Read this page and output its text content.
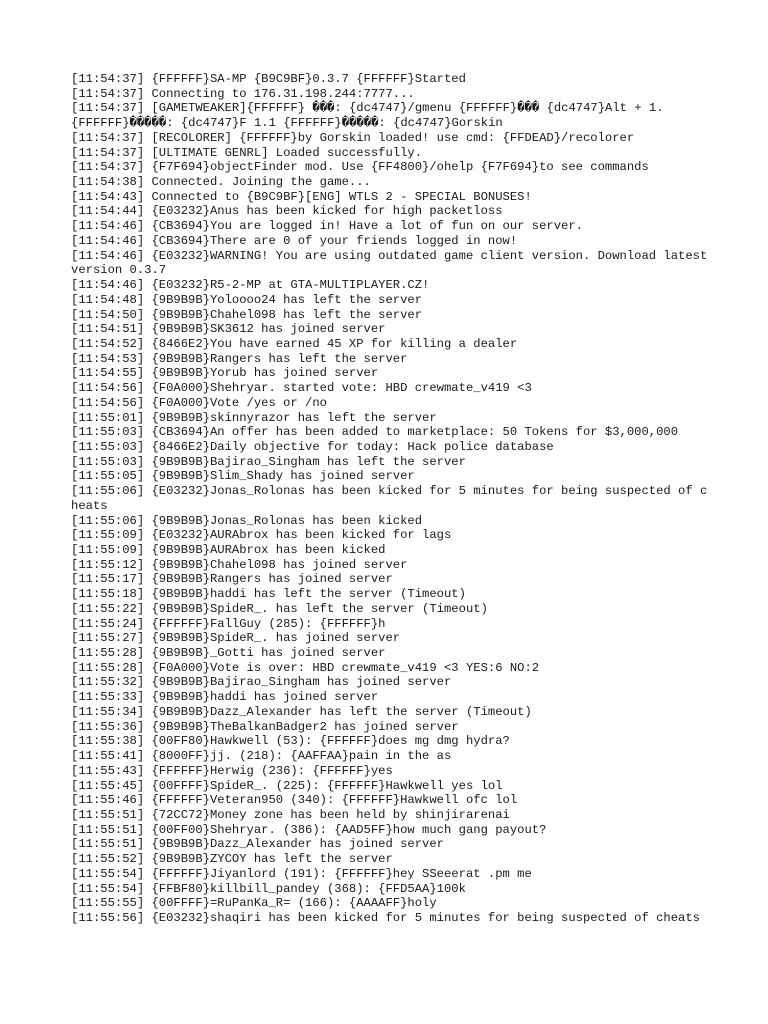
[11:54:37] {FFFFFF}SA-MP {B9C9BF}0.3.7 {FFFFFF}Started
[11:54:37] Connecting to 176.31.198.244:7777...
[11:54:37] [GAMETWEAKER]{FFFFFF} ���: {dc4747}/gmenu {FFFFFF}��� {dc4747}Alt + 1.
{FFFFFF}�����: {dc4747}F 1.1 {FFFFFF}�����: {dc4747}Gorskin
[11:54:37] [RECOLORER] {FFFFFF}by Gorskin loaded! use cmd: {FFDEAD}/recolorer
[11:54:37] [ULTIMATE GENRL] Loaded successfully.
[11:54:37] {F7F694}objectFinder mod. Use {FF4800}/ohelp {F7F694}to see commands
[11:54:38] Connected. Joining the game...
[11:54:43] Connected to {B9C9BF}[ENG] WTLS 2 - SPECIAL BONUSES!
[11:54:44] {E03232}Anus has been kicked for high packetloss
[11:54:46] {CB3694}You are logged in! Have a lot of fun on our server.
[11:54:46] {CB3694}There are 0 of your friends logged in now!
[11:54:46] {E03232}WARNING! You are using outdated game client version. Download latest version 0.3.7
[11:54:46] {E03232}R5-2-MP at GTA-MULTIPLAYER.CZ!
[11:54:48] {9B9B9B}Yoloooo24 has left the server
[11:54:50] {9B9B9B}Chahel098 has left the server
[11:54:51] {9B9B9B}SK3612 has joined server
[11:54:52] {8466E2}You have earned 45 XP for killing a dealer
[11:54:53] {9B9B9B}Rangers has left the server
[11:54:55] {9B9B9B}Yorub has joined server
[11:54:56] {F0A000}Shehryar. started vote: HBD crewmate_v419 <3
[11:54:56] {F0A000}Vote /yes or /no
[11:55:01] {9B9B9B}skinnyrazor has left the server
[11:55:03] {CB3694}An offer has been added to marketplace: 50 Tokens for $3,000,000
[11:55:03] {8466E2}Daily objective for today: Hack police database
[11:55:03] {9B9B9B}Bajirao_Singham has left the server
[11:55:05] {9B9B9B}Slim_Shady has joined server
[11:55:06] {E03232}Jonas_Rolonas has been kicked for 5 minutes for being suspected of cheats
[11:55:06] {9B9B9B}Jonas_Rolonas has been kicked
[11:55:09] {E03232}AURAbrox has been kicked for lags
[11:55:09] {9B9B9B}AURAbrox has been kicked
[11:55:12] {9B9B9B}Chahel098 has joined server
[11:55:17] {9B9B9B}Rangers has joined server
[11:55:18] {9B9B9B}haddi has left the server (Timeout)
[11:55:22] {9B9B9B}SpideR_. has left the server (Timeout)
[11:55:24] {FFFFFF}FallGuy (285): {FFFFFF}h
[11:55:27] {9B9B9B}SpideR_. has joined server
[11:55:28] {9B9B9B}_Gotti has joined server
[11:55:28] {F0A000}Vote is over: HBD crewmate_v419 <3 YES:6 NO:2
[11:55:32] {9B9B9B}Bajirao_Singham has joined server
[11:55:33] {9B9B9B}haddi has joined server
[11:55:34] {9B9B9B}Dazz_Alexander has left the server (Timeout)
[11:55:36] {9B9B9B}TheBalkanBadger2 has joined server
[11:55:38] {00FF80}Hawkwell (53): {FFFFFF}does mg dmg hydra?
[11:55:41] {8000FF}jj. (218): {AAFFAA}pain in the as
[11:55:43] {FFFFFF}Herwig (236): {FFFFFF}yes
[11:55:45] {00FFFF}SpideR_. (225): {FFFFFF}Hawkwell yes lol
[11:55:46] {FFFFFF}Veteran950 (340): {FFFFFF}Hawkwell ofc lol
[11:55:51] {72CC72}Money zone has been held by shinjirarenai
[11:55:51] {00FF00}Shehryar. (386): {AAD5FF}how much gang payout?
[11:55:51] {9B9B9B}Dazz_Alexander has joined server
[11:55:52] {9B9B9B}ZYCOY has left the server
[11:55:54] {FFFFFF}Jiyanlord (191): {FFFFFF}hey SSeeerat .pm me
[11:55:54] {FFBF80}killbill_pandey (368): {FFD5AA}100k
[11:55:55] {00FFFF}=RuPanKa_R= (166): {AAAAFF}holy
[11:55:56] {E03232}shaqiri has been kicked for 5 minutes for being suspected of cheats
